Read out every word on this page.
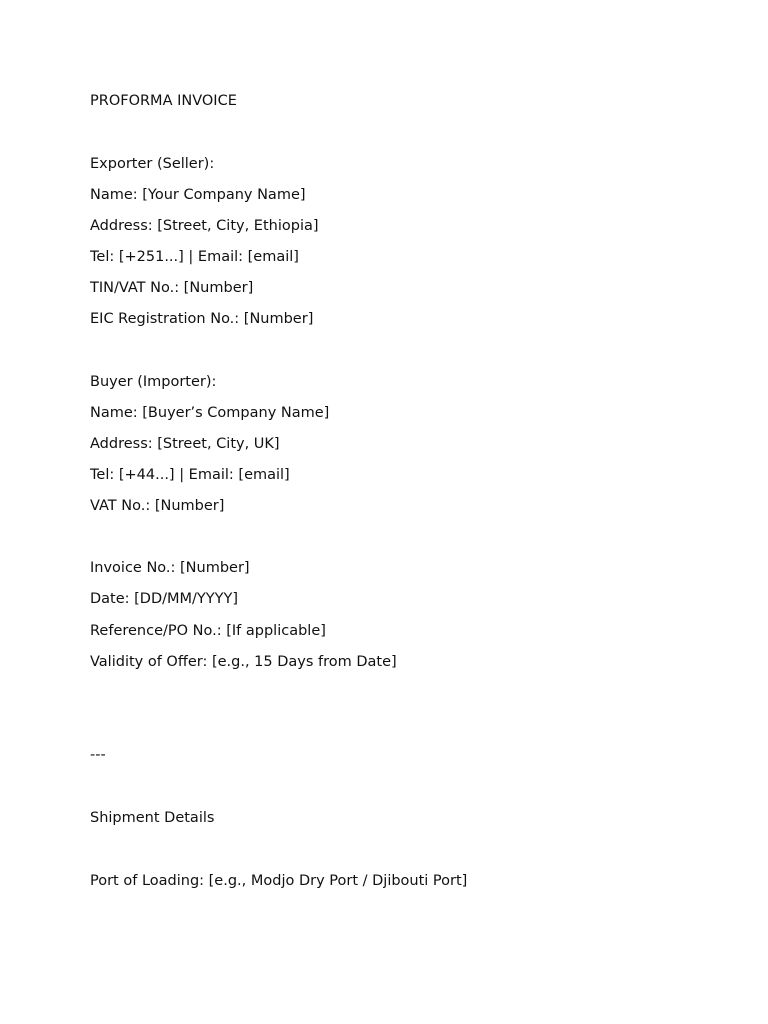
PROFORMA INVOICE
Exporter (Seller):
Name: [Your Company Name]
Address: [Street, City, Ethiopia]
Tel: [+251...] | Email: [email]
TIN/VAT No.: [Number]
EIC Registration No.: [Number]
Buyer (Importer):
Name: [Buyer’s Company Name]
Address: [Street, City, UK]
Tel: [+44...] | Email: [email]
VAT No.: [Number]
Invoice No.: [Number]
Date: [DD/MM/YYYY]
Reference/PO No.: [If applicable]
Validity of Offer: [e.g., 15 Days from Date]
---
Shipment Details
Port of Loading: [e.g., Modjo Dry Port / Djibouti Port]
